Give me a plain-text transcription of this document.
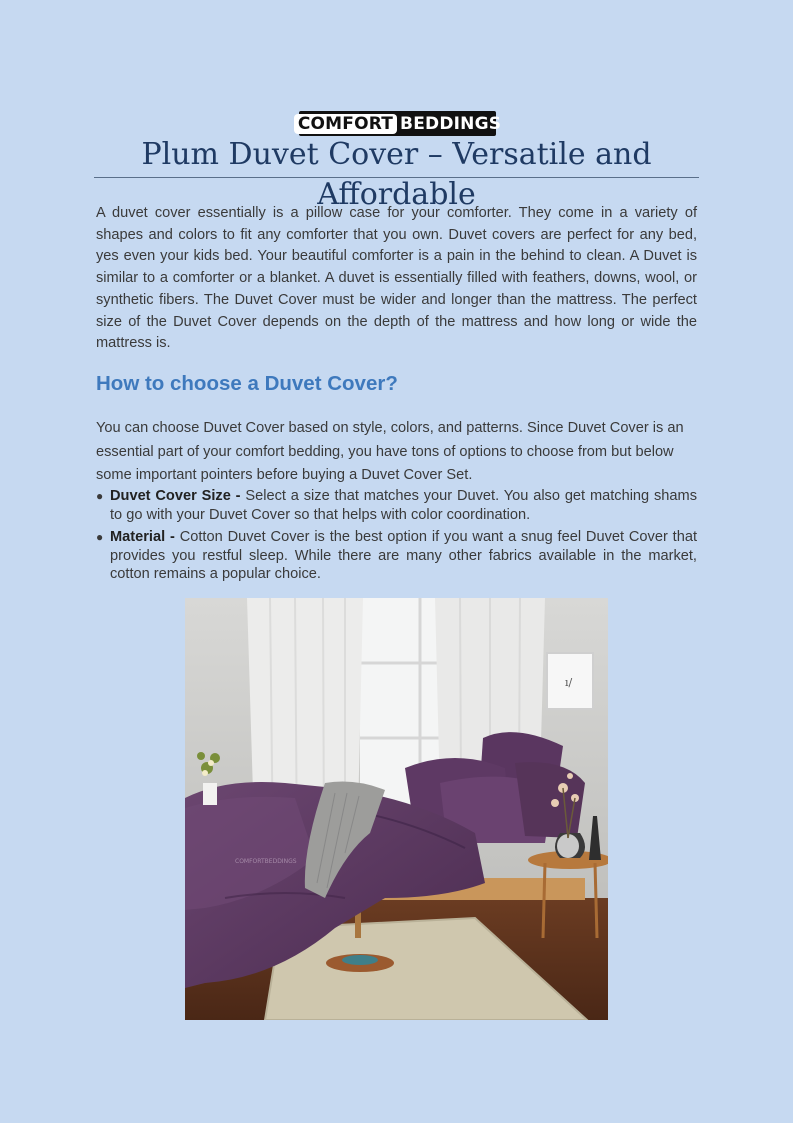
COMFORT BEDDINGS
Plum Duvet Cover – Versatile and Affordable

A duvet cover essentially is a pillow case for your comforter. They come in a variety of shapes and colors to fit any comforter that you own. Duvet covers are perfect for any bed, yes even your kids bed. Your beautiful comforter is a pain in the behind to clean. A Duvet is similar to a comforter or a blanket. A duvet is essentially filled with feathers, downs, wool, or synthetic fibers. The Duvet Cover must be wider and longer than the mattress. The perfect size of the Duvet Cover depends on the depth of the mattress and how long or wide the mattress is.

How to choose a Duvet Cover?

You can choose Duvet Cover based on style, colors, and patterns. Since Duvet Cover is an essential part of your comfort bedding, you have tons of options to choose from but below some important pointers before buying a Duvet Cover Set.

● Duvet Cover Size - Select a size that matches your Duvet. You also get matching shams to go with your Duvet Cover so that helps with color coordination.
● Material - Cotton Duvet Cover is the best option if you want a snug feel Duvet Cover that provides you restful sleep. While there are many other fabrics available in the market, cotton remains a popular choice.
ı/
COMFORTBEDDINGS
